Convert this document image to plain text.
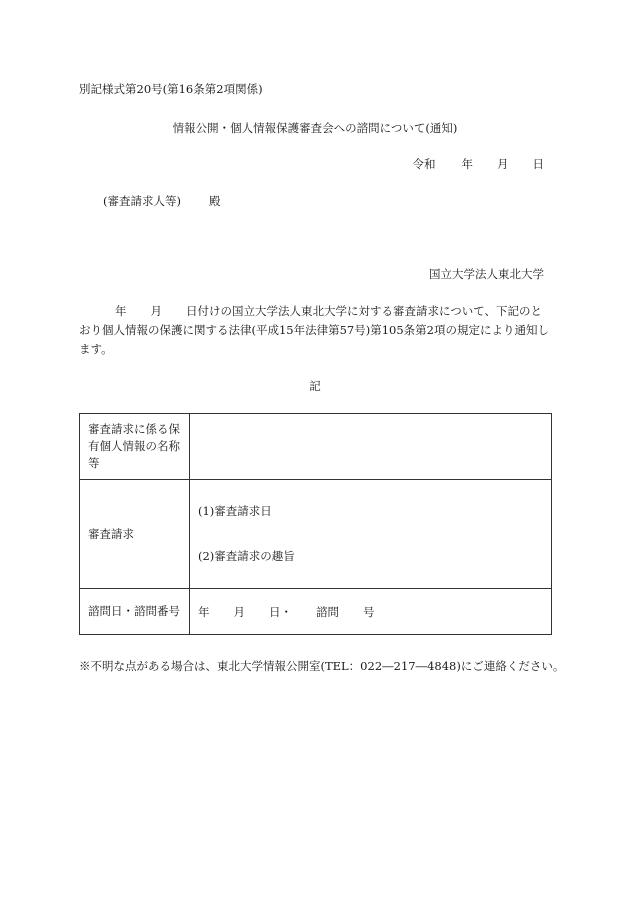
別記様式第20号(第16条第2項関係)
情報公開・個人情報保護審査会への諮問について(通知)
令和 年 月 日
(審査請求人等) 殿
国立大学法人東北大学
年 月 日付けの国立大学法人東北大学に対する審査請求について、下記のと
おり個人情報の保護に関する法律(平成15年法律第57号)第105条第2項の規定により通知し
ます。
記
審査請求に係る保有個人情報の名称等	
審査請求	(1)審査請求日
(2)審査請求の趣旨

諮問日・諮問番号	年 月 日・ 諮問 号
※不明な点がある場合は、東北大学情報公開室(TEL：022―217―4848)にご連絡ください。
